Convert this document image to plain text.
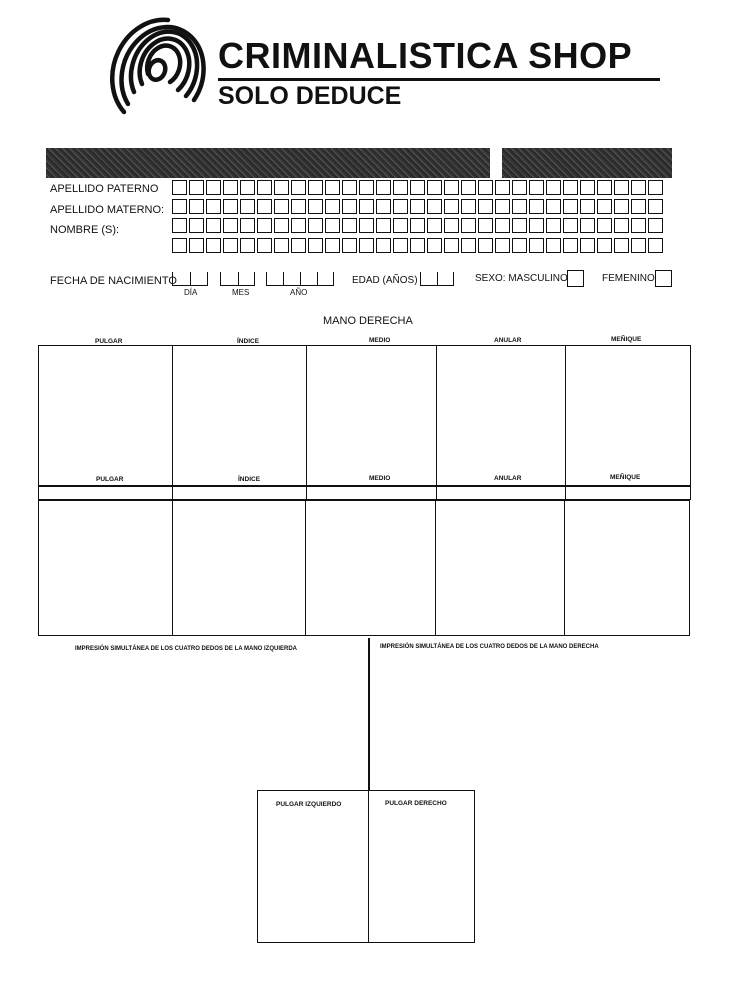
CRIMINALISTICA SHOP
SOLO DEDUCE
APELLIDO PATERNO
APELLIDO MATERNO:
NOMBRE (S):
FECHA DE NACIMIENTO
DÍA	MES	AÑO
EDAD (AÑOS)	SEXO: MASCULINO	FEMENINO
MANO DERECHA
PULGAR	ÍNDICE	MEDIO	ANULAR	MEÑIQUE
PULGAR	ÍNDICE	MEDIO	ANULAR	MEÑIQUE
IMPRESIÓN SIMULTÁNEA DE LOS CUATRO DEDOS DE LA MANO IZQUIERDA	IMPRESIÓN SIMULTÁNEA DE LOS CUATRO DEDOS DE LA MANO DERECHA
PULGAR IZQUIERDO	PULGAR DERECHO
